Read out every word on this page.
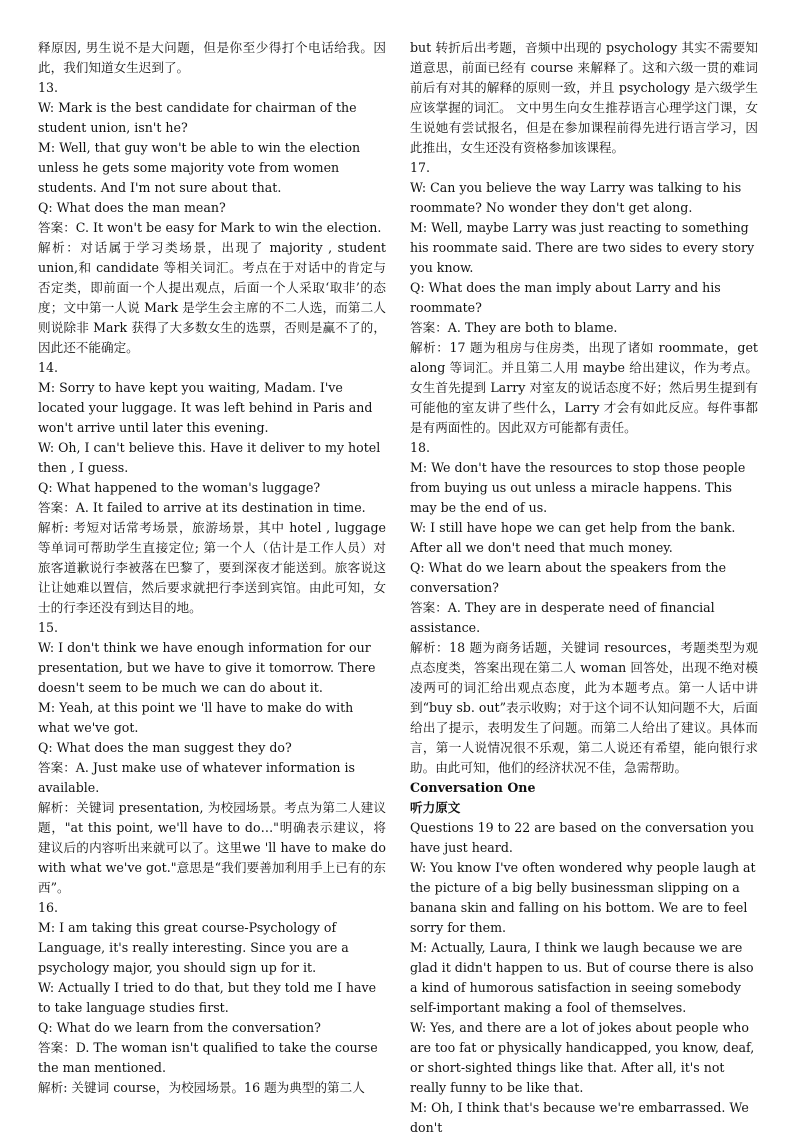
释原因, 男生说不是大问题，但是你至少得打个电话给我。因此，我们知道女生迟到了。

13.

W: Mark is the best candidate for chairman of the student union, isn't he?

M: Well, that guy won't be able to win the election unless he gets some majority vote from women students. And I'm not sure about that.

Q: What does the man mean?

答案：C. It won't be easy for Mark to win the election.

解析：对话属于学习类场景，出现了 majority , student union,和 candidate 等相关词汇。考点在于对话中的肯定与否定类，即前面一个人提出观点，后面一个人采取‘取非’的态度；文中第一人说 Mark 是学生会主席的不二人选，而第二人则说除非 Mark 获得了大多数女生的选票，否则是赢不了的，因此还不能确定。

14.

M: Sorry to have kept you waiting, Madam. I've located your luggage. It was left behind in Paris and won't arrive until later this evening.

W: Oh, I can't believe this. Have it deliver to my hotel then , I guess.

Q: What happened to the woman's luggage?

答案：A. It failed to arrive at its destination in time.

解析: 考短对话常考场景，旅游场景，其中 hotel , luggage 等单词可帮助学生直接定位; 第一个人（估计是工作人员）对旅客道歉说行李被落在巴黎了，要到深夜才能送到。旅客说这让让她难以置信，然后要求就把行李送到宾馆。由此可知，女士的行李还没有到达目的地。

15.

W: I don't think we have enough information for our presentation, but we have to give it tomorrow. There doesn't seem to be much we can do about it.

M: Yeah, at this point we 'll have to make do with what we've got.

Q: What does the man suggest they do?

答案：A. Just make use of whatever information is available.

解析：关键词 presentation, 为校园场景。考点为第二人建议题，"at this point, we'll have to do…"明确表示建议，将建议后的内容听出来就可以了。这里we 'll have to make do with what we've got."意思是“我们要善加利用手上已有的东西”。

16.

M: I am taking this great course-Psychology of Language, it's really interesting. Since you are a psychology major, you should sign up for it.

W: Actually I tried to do that, but they told me I have to take language studies first.

Q: What do we learn from the conversation?

答案：D. The woman isn't qualified to take the course the man mentioned.

解析: 关键词 course，为校园场景。16 题为典型的第二人

but 转折后出考题，音频中出现的 psychology 其实不需要知道意思，前面已经有 course 来解释了。这和六级一贯的难词前后有对其的解释的原则一致，并且 psychology 是六级学生应该掌握的词汇。 文中男生向女生推荐语言心理学这门课，女生说她有尝试报名，但是在参加课程前得先进行语言学习，因此推出，女生还没有资格参加该课程。

17.

W: Can you believe the way Larry was talking to his roommate? No wonder they don't get along.

M: Well, maybe Larry was just reacting to something his roommate said. There are two sides to every story you know.

Q: What does the man imply about Larry and his roommate?

答案：A. They are both to blame.

解析：17 题为租房与住房类，出现了诸如 roommate，get along 等词汇。并且第二人用 maybe 给出建议，作为考点。女生首先提到 Larry 对室友的说话态度不好；然后男生提到有可能他的室友讲了些什么，Larry 才会有如此反应。每件事都是有两面性的。因此双方可能都有责任。

18.

M: We don't have the resources to stop those people from buying us out unless a miracle happens. This may be the end of us.

W: I still have hope we can get help from the bank. After all we don't need that much money.

Q: What do we learn about the speakers from the conversation?

答案：A. They are in desperate need of financial assistance.

解析：18 题为商务话题，关键词 resources，考题类型为观点态度类，答案出现在第二人 woman 回答处，出现不绝对模凌两可的词汇给出观点态度，此为本题考点。第一人话中讲到“buy sb. out”表示收购；对于这个词不认知问题不大，后面给出了提示，表明发生了问题。而第二人给出了建议。具体而言，第一人说情况很不乐观，第二人说还有希望，能向银行求助。由此可知，他们的经济状况不佳，急需帮助。

Conversation One

听力原文

Questions 19 to 22 are based on the conversation you have just heard.

W: You know I've often wondered why people laugh at the picture of a big belly businessman slipping on a banana skin and falling on his bottom. We are to feel sorry for them.

M: Actually, Laura, I think we laugh because we are glad it didn't happen to us. But of course there is also a kind of humorous satisfaction in seeing somebody self-important making a fool of themselves.

W: Yes, and there are a lot of jokes about people who are too fat or physically handicapped, you know, deaf, or short-sighted things like that. After all, it's not really funny to be like that.

M: Oh, I think that's because we're embarrassed. We don't
